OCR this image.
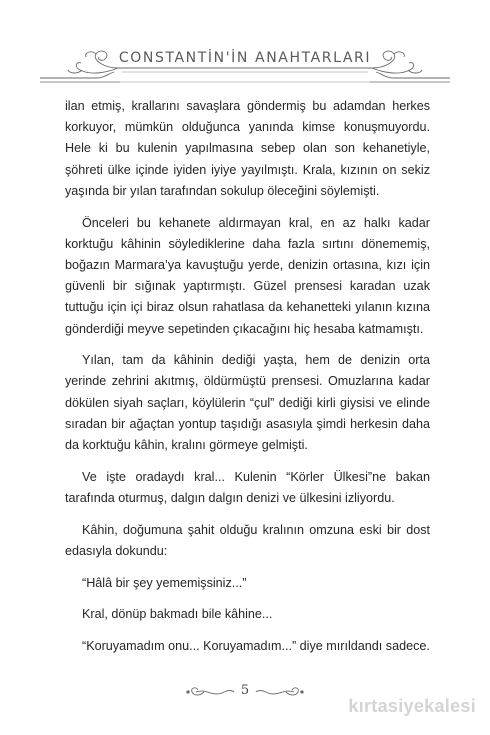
CONSTANTİN'İN ANAHTARLARI

ilan etmiş, krallarını savaşlara göndermiş bu adamdan herkes korkuyor, mümkün olduğunca yanında kimse konuşmuyordu. Hele ki bu kulenin yapılmasına sebep olan son kehanetiyle, şöhreti ülke içinde iyiden iyiye yayılmıştı. Krala, kızının on sekiz yaşında bir yılan tarafından sokulup öleceğini söylemişti.

Önceleri bu kehanete aldırmayan kral, en az halkı kadar korktuğu kâhinin söylediklerine daha fazla sırtını dönememiş, boğazın Marmara’ya kavuştuğu yerde, denizin ortasına, kızı için güvenli bir sığınak yaptırmıştı. Güzel prensesi karadan uzak tuttuğu için içi biraz olsun rahatlasa da kehanetteki yılanın kızına gönderdiği meyve sepetinden çıkacağını hiç hesaba katmamıştı.

Yılan, tam da kâhinin dediği yaşta, hem de denizin orta yerinde zehrini akıtmış, öldürmüştü prensesi. Omuzlarına kadar dökülen siyah saçları, köylülerin “çul” dediği kirli giysisi ve elinde sıradan bir ağaçtan yontup taşıdığı asasıyla şimdi herkesin daha da korktuğu kâhin, kralını görmeye gelmişti.

Ve işte oradaydı kral... Kulenin “Körler Ülkesi”ne bakan tarafında oturmuş, dalgın dalgın denizi ve ülkesini izliyordu.

Kâhin, doğumuna şahit olduğu kralının omzuna eski bir dost edasıyla dokundu:

“Hâlâ bir şey yememişsiniz...”

Kral, dönüp bakmadı bile kâhine...

“Koruyamadım onu... Koruyamadım...” diye mırıldandı sadece.

5
kırtasiyekalesi
